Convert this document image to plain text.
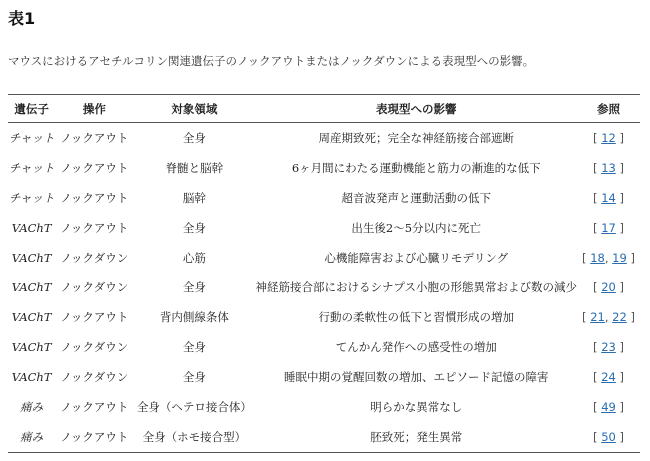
表1

マウスにおけるアセチルコリン関連遺伝子のノックアウトまたはノックダウンによる表現型への影響。

遺伝子	操作	対象領域	表現型への影響	参照
チャット	ノックアウト	全身	周産期致死；完全な神経筋接合部遮断	[ 12 ]
チャット	ノックアウト	脊髄と脳幹	6ヶ月間にわたる運動機能と筋力の漸進的な低下	[ 13 ]
チャット	ノックアウト	脳幹	超音波発声と運動活動の低下	[ 14 ]
VAChT	ノックアウト	全身	出生後2〜5分以内に死亡	[ 17 ]
VAChT	ノックダウン	心筋	心機能障害および心臓リモデリング	[ 18, 19 ]
VAChT	ノックダウン	全身	神経筋接合部におけるシナプス小胞の形態異常および数の減少	[ 20 ]
VAChT	ノックアウト	背内側線条体	行動の柔軟性の低下と習慣形成の増加	[ 21, 22 ]
VAChT	ノックダウン	全身	てんかん発作への感受性の増加	[ 23 ]
VAChT	ノックダウン	全身	睡眠中期の覚醒回数の増加、エピソード記憶の障害	[ 24 ]
痛み	ノックアウト	全身（ヘテロ接合体）	明らかな異常なし	[ 49 ]
痛み	ノックアウト	全身（ホモ接合型）	胚致死；発生異常	[ 50 ]
